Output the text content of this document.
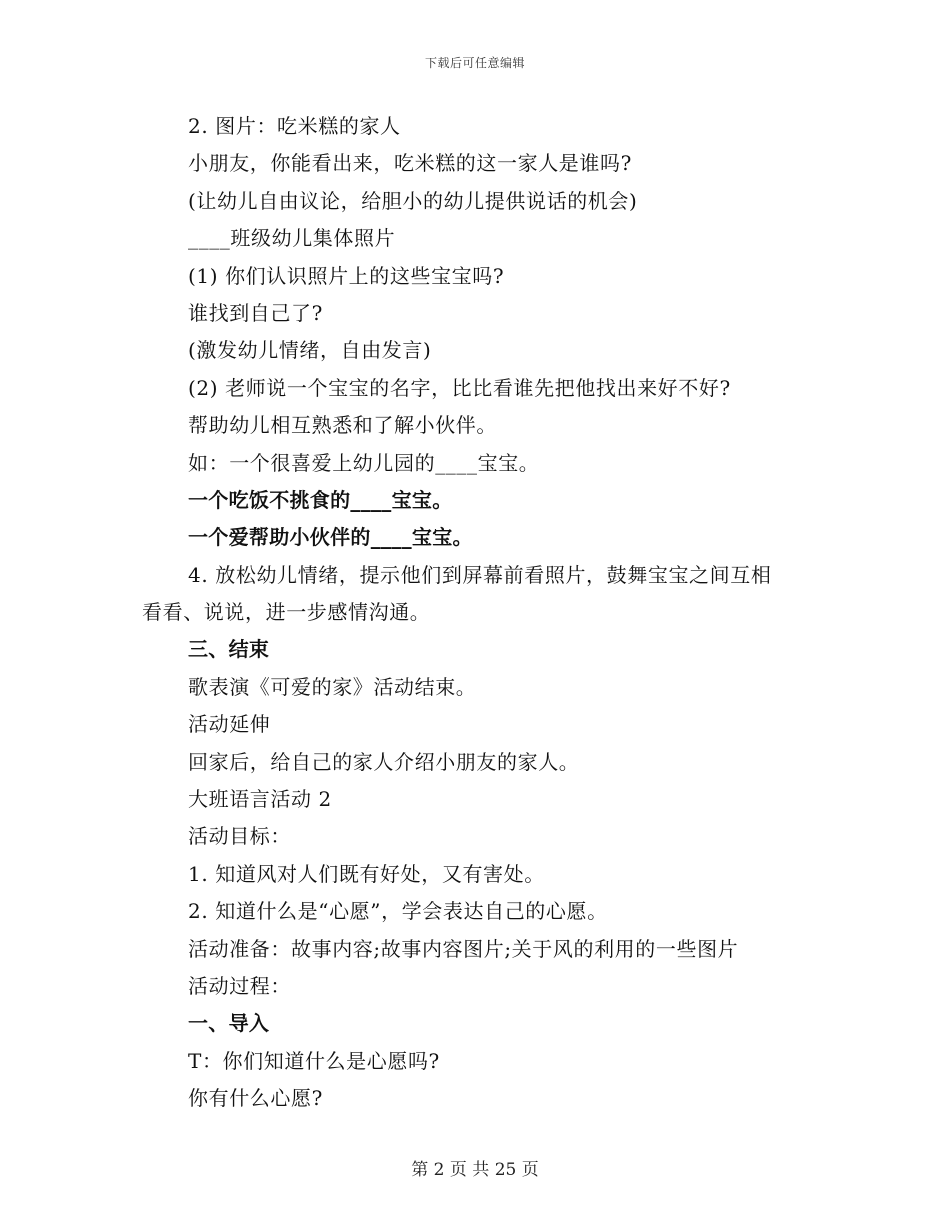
下载后可任意编辑
2. 图片：吃米糕的家人
小朋友，你能看出来，吃米糕的这一家人是谁吗?
(让幼儿自由议论，给胆小的幼儿提供说话的机会)
____班级幼儿集体照片
(1) 你们认识照片上的这些宝宝吗?
谁找到自己了?
(激发幼儿情绪，自由发言)
(2) 老师说一个宝宝的名字，比比看谁先把他找出来好不好?
帮助幼儿相互熟悉和了解小伙伴。
如：一个很喜爱上幼儿园的____宝宝。
一个吃饭不挑食的____宝宝。
一个爱帮助小伙伴的____宝宝。
4. 放松幼儿情绪，提示他们到屏幕前看照片，鼓舞宝宝之间互相
看看、说说，进一步感情沟通。
三、结束
歌表演《可爱的家》活动结束。
活动延伸
回家后，给自己的家人介绍小朋友的家人。
大班语言活动 2
活动目标：
1. 知道风对人们既有好处，又有害处。
2. 知道什么是“心愿”，学会表达自己的心愿。
活动准备：故事内容;故事内容图片;关于风的利用的一些图片
活动过程：
一、导入
T：你们知道什么是心愿吗?
你有什么心愿?
第 2 页 共 25 页
